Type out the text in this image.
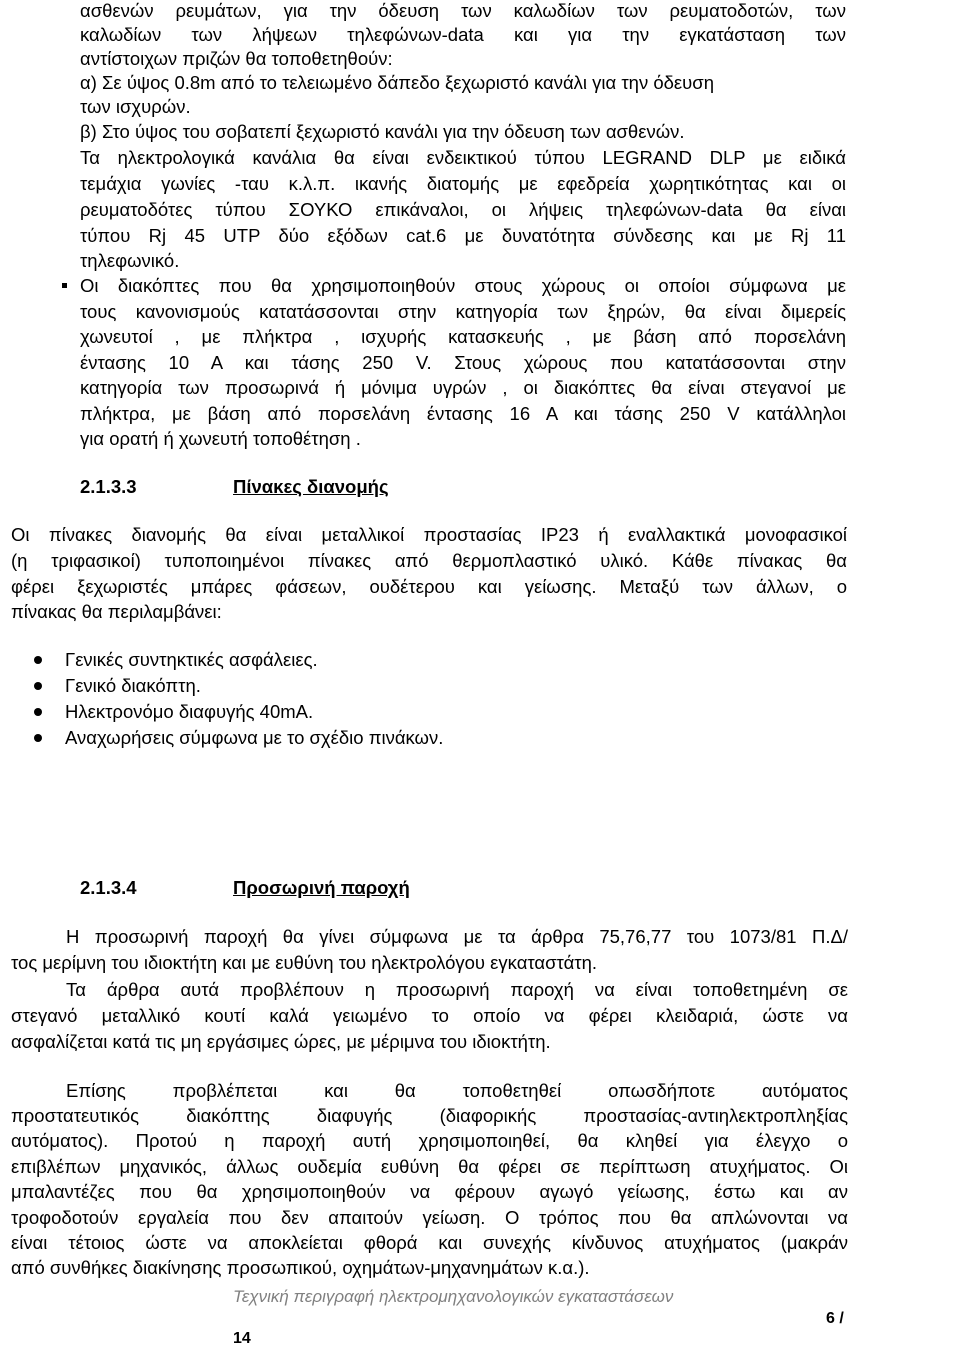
ασθενών ρευμάτων, για την όδευση των καλωδίων των ρευματοδοτών, των
καλωδίων των λήψεων τηλεφώνων-data και για την εγκατάσταση των
αντίστοιχων πριζών θα τοποθετηθούν:
α) Σε ύψος 0.8m από το τελειωμένο δάπεδο ξεχωριστό κανάλι για την όδευση
των ισχυρών.
β) Στο ύψος του σοβατεπί ξεχωριστό κανάλι για την όδευση των ασθενών.
Τα ηλεκτρολογικά κανάλια θα είναι ενδεικτικού τύπου LEGRAND DLP με ειδικά
τεμάχια γωνίες -ταυ κ.λ.π. ικανής διατομής με εφεδρεία χωρητικότητας και οι
ρευματοδότες τύπου ΣΟΥΚΟ επικάναλοι, οι λήψεις τηλεφώνων-data θα είναι
τύπου Rj 45 UTP δύο εξόδων cat.6 με δυνατότητα σύνδεσης και με Rj 11
τηλεφωνικό.
Οι διακόπτες που θα χρησιμοποιηθούν στους χώρους οι οποίοι σύμφωνα με
τους κανονισμούς κατατάσσονται στην κατηγορία των ξηρών, θα είναι διμερείς
χωνευτοί , με πλήκτρα , ισχυρής κατασκευής , με βάση από πορσελάνη
έντασης 10 Α και τάσης 250 V. Στους χώρους που κατατάσσονται στην
κατηγορία των προσωρινά ή μόνιμα υγρών , οι διακόπτες θα είναι στεγανοί με
πλήκτρα, με βάση από πορσελάνη έντασης 16 Α και τάσης 250 V κατάλληλοι
για ορατή ή χωνευτή τοποθέτηση .
2.1.3.3	Πίνακες διανομής
Οι πίνακες διανομής θα είναι μεταλλικοί προστασίας IP23 ή εναλλακτικά μονοφασικοί
(η τριφασικοί) τυποποιημένοι πίνακες από θερμοπλαστικό υλικό. Κάθε πίνακας θα
φέρει ξεχωριστές μπάρες φάσεων, ουδέτερου και γείωσης. Μεταξύ των άλλων, ο
πίνακας θα περιλαμβάνει:
Γενικές συντηκτικές ασφάλειες.
Γενικό διακόπτη.
Ηλεκτρονόμο διαφυγής 40mA.
Αναχωρήσεις σύμφωνα με το σχέδιο πινάκων.
2.1.3.4	Προσωρινή παροχή
Η προσωρινή παροχή θα γίνει σύμφωνα με τα άρθρα 75,76,77 του 1073/81 Π.Δ/
τος μερίμνη του ιδιοκτήτη και με ευθύνη του ηλεκτρολόγου εγκαταστάτη.
Τα άρθρα αυτά προβλέπουν η προσωρινή παροχή να είναι τοποθετημένη σε
στεγανό μεταλλικό κουτί καλά γειωμένο το οποίο να φέρει κλειδαριά, ώστε να
ασφαλίζεται κατά τις μη εργάσιμες ώρες, με μέριμνα του ιδιοκτήτη.
Επίσης προβλέπεται και θα τοποθετηθεί οπωσδήποτε αυτόματος
προστατευτικός διακόπτης διαφυγής (διαφορικής προστασίας-αντιηλεκτροπληξίας
αυτόματος). Προτού η παροχή αυτή χρησιμοποιηθεί, θα κληθεί για έλεγχο ο
επιβλέπων μηχανικός, άλλως ουδεμία ευθύνη θα φέρει σε περίπτωση ατυχήματος. Οι
μπαλαντέζες που θα χρησιμοποιηθούν να φέρουν αγωγό γείωσης, έστω και αν
τροφοδοτούν εργαλεία που δεν απαιτούν γείωση. Ο τρόπος που θα απλώνονται να
είναι τέτοιος ώστε να αποκλείεται φθορά και συνεχής κίνδυνος ατυχήματος (μακράν
από συνθήκες διακίνησης προσωπικού, οχημάτων-μηχανημάτων κ.α.).
Τεχνική περιγραφή ηλεκτρομηχανολογικών εγκαταστάσεων
6 /
14
